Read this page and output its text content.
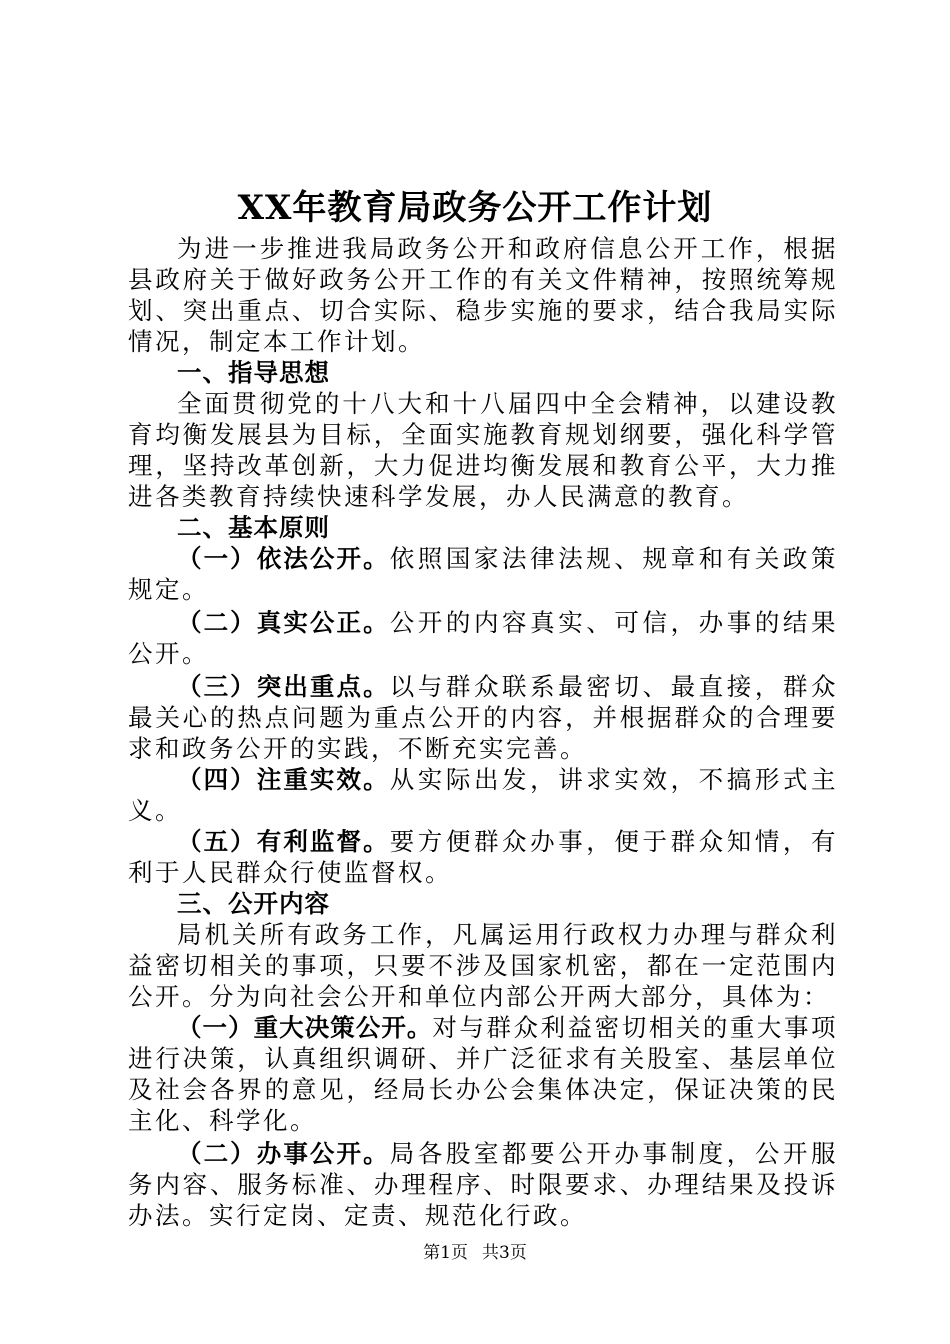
XX年教育局政务公开工作计划

为进一步推进我局政务公开和政府信息公开工作，根据县政府关于做好政务公开工作的有关文件精神，按照统筹规划、突出重点、切合实际、稳步实施的要求，结合我局实际情况，制定本工作计划。

一、指导思想

全面贯彻党的十八大和十八届四中全会精神，以建设教育均衡发展县为目标，全面实施教育规划纲要，强化科学管理，坚持改革创新，大力促进均衡发展和教育公平，大力推进各类教育持续快速科学发展，办人民满意的教育。

二、基本原则

（一）依法公开。依照国家法律法规、规章和有关政策规定。

（二）真实公正。公开的内容真实、可信，办事的结果公开。

（三）突出重点。以与群众联系最密切、最直接，群众最关心的热点问题为重点公开的内容，并根据群众的合理要求和政务公开的实践，不断充实完善。

（四）注重实效。从实际出发，讲求实效，不搞形式主义。

（五）有利监督。要方便群众办事，便于群众知情，有利于人民群众行使监督权。

三、公开内容

局机关所有政务工作，凡属运用行政权力办理与群众利益密切相关的事项，只要不涉及国家机密，都在一定范围内公开。分为向社会公开和单位内部公开两大部分，具体为：

（一）重大决策公开。对与群众利益密切相关的重大事项进行决策，认真组织调研、并广泛征求有关股室、基层单位及社会各界的意见，经局长办公会集体决定，保证决策的民主化、科学化。

（二）办事公开。局各股室都要公开办事制度，公开服务内容、服务标准、办理程序、时限要求、办理结果及投诉办法。实行定岗、定责、规范化行政。

第1页 共3页
